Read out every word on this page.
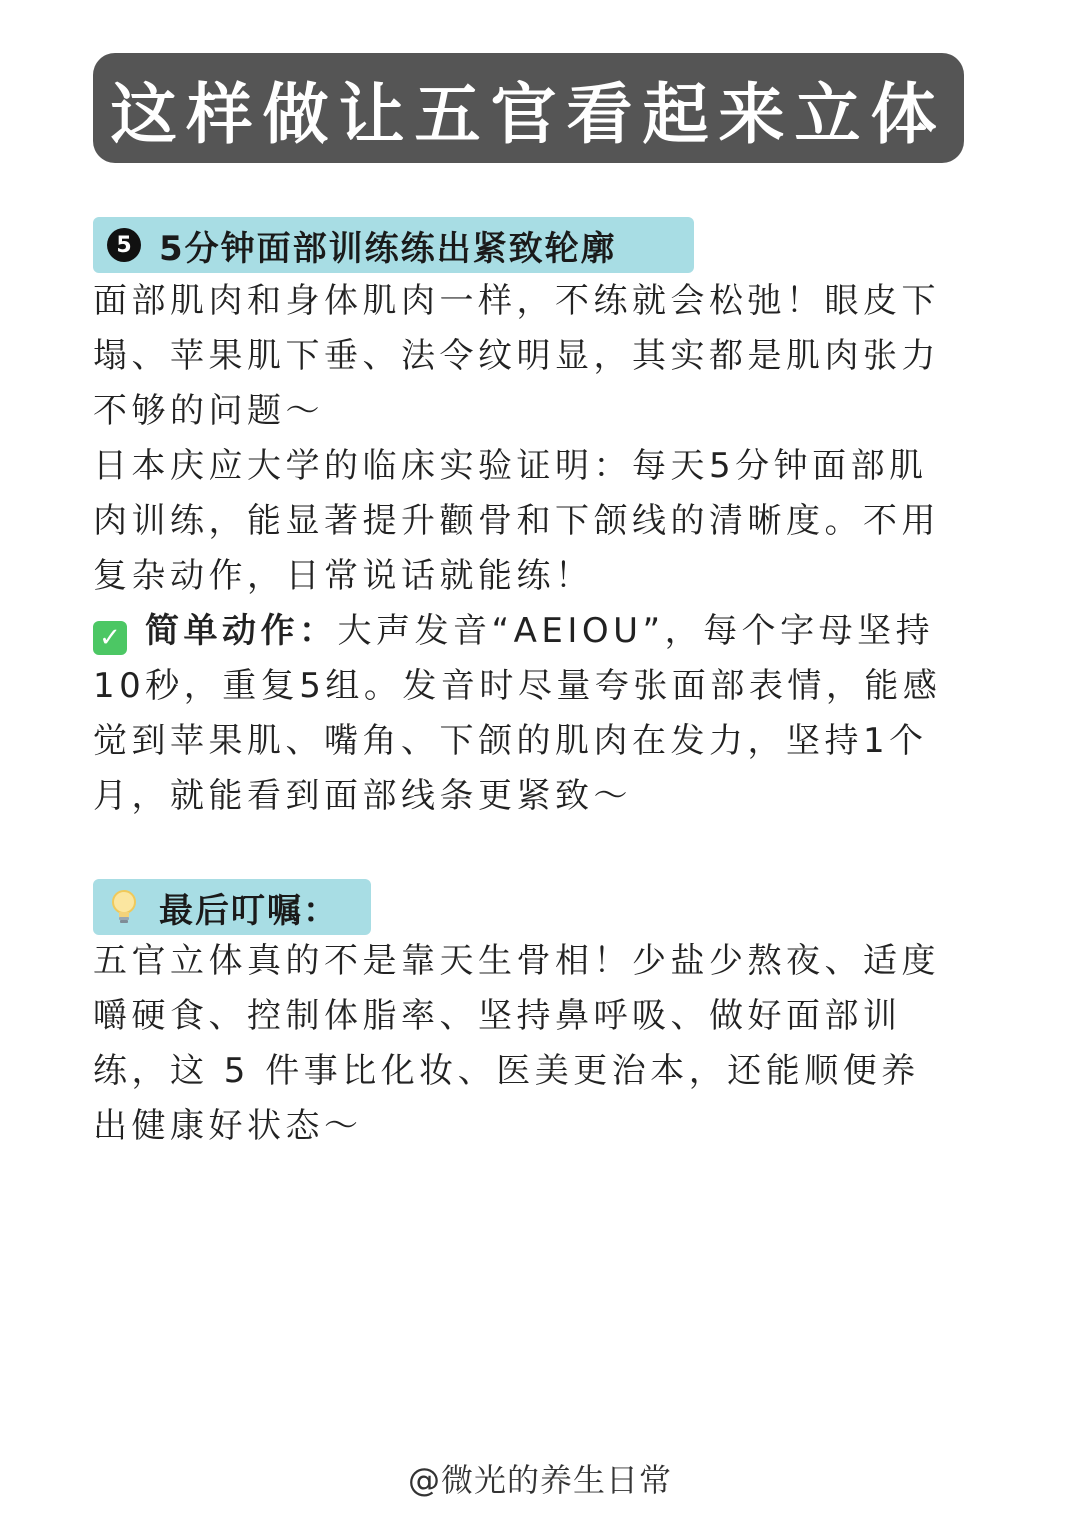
这样做让五官看起来立体
5 5分钟面部训练练出紧致轮廓

面部肌肉和身体肌肉一样，不练就会松弛！眼皮下塌、苹果肌下垂、法令纹明显，其实都是肌肉张力不够的问题～

日本庆应大学的临床实验证明：每天5分钟面部肌肉训练，能显著提升颧骨和下颌线的清晰度。不用复杂动作，日常说话就能练！

✓ 简单动作：大声发音“AEIOU”，每个字母坚持10秒，重复5组。发音时尽量夸张面部表情，能感觉到苹果肌、嘴角、下颌的肌肉在发力，坚持1个月，就能看到面部线条更紧致～

最后叮嘱：

五官立体真的不是靠天生骨相！少盐少熬夜、适度嚼硬食、控制体脂率、坚持鼻呼吸、做好面部训练，这 5 件事比化妆、医美更治本，还能顺便养出健康好状态～

@微光的养生日常
